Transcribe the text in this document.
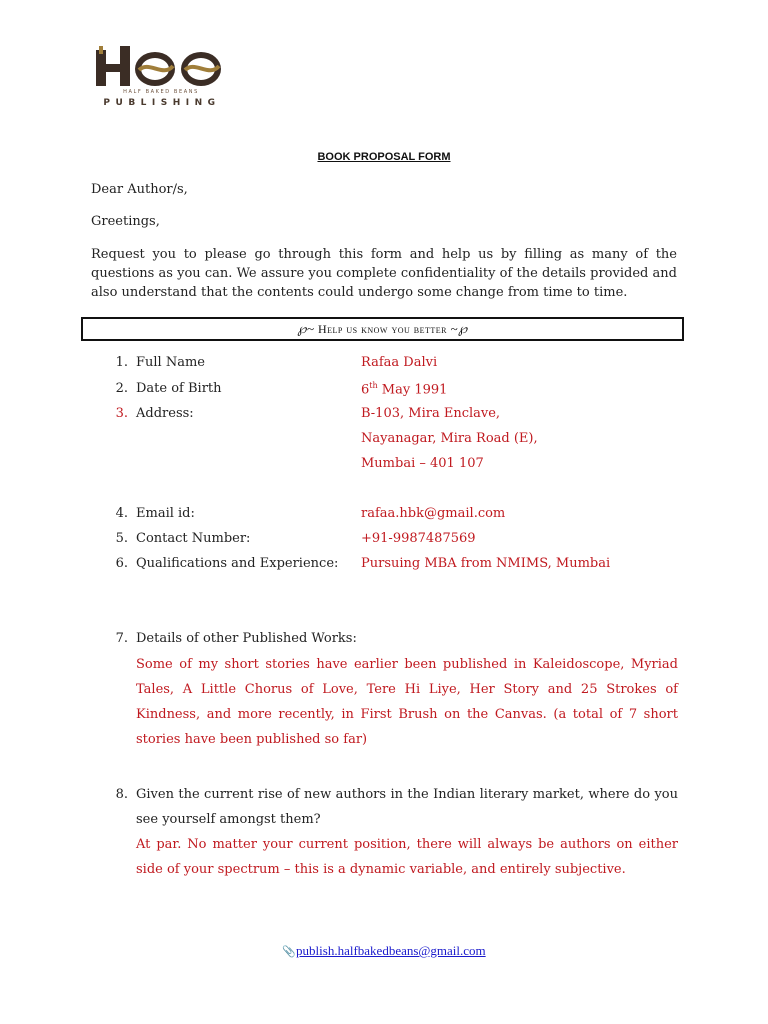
HALF BAKED BEANS
PUBLISHING
BOOK PROPOSAL FORM
Dear Author/s,
Greetings,
Request you to please go through this form and help us by filling as many of the questions as you can. We assure you complete confidentiality of the details provided and also understand that the contents could undergo some change from time to time.
℘~ Help us know you better ~℘
1. Full Name	Rafaa Dalvi
2. Date of Birth	6th May 1991
3. Address:	B-103, Mira Enclave,
Nayanagar, Mira Road (E),
Mumbai – 401 107
4. Email id:	rafaa.hbk@gmail.com
5. Contact Number:	+91-9987487569
6. Qualifications and Experience: Pursuing MBA from NMIMS, Mumbai
7. Details of other Published Works:
Some of my short stories have earlier been published in Kaleidoscope, Myriad Tales, A Little Chorus of Love, Tere Hi Liye, Her Story and 25 Strokes of Kindness, and more recently, in First Brush on the Canvas. (a total of 7 short stories have been published so far)
8. Given the current rise of new authors in the Indian literary market, where do you see yourself amongst them?
At par. No matter your current position, there will always be authors on either side of your spectrum – this is a dynamic variable, and entirely subjective.
📎publish.halfbakedbeans@gmail.com
